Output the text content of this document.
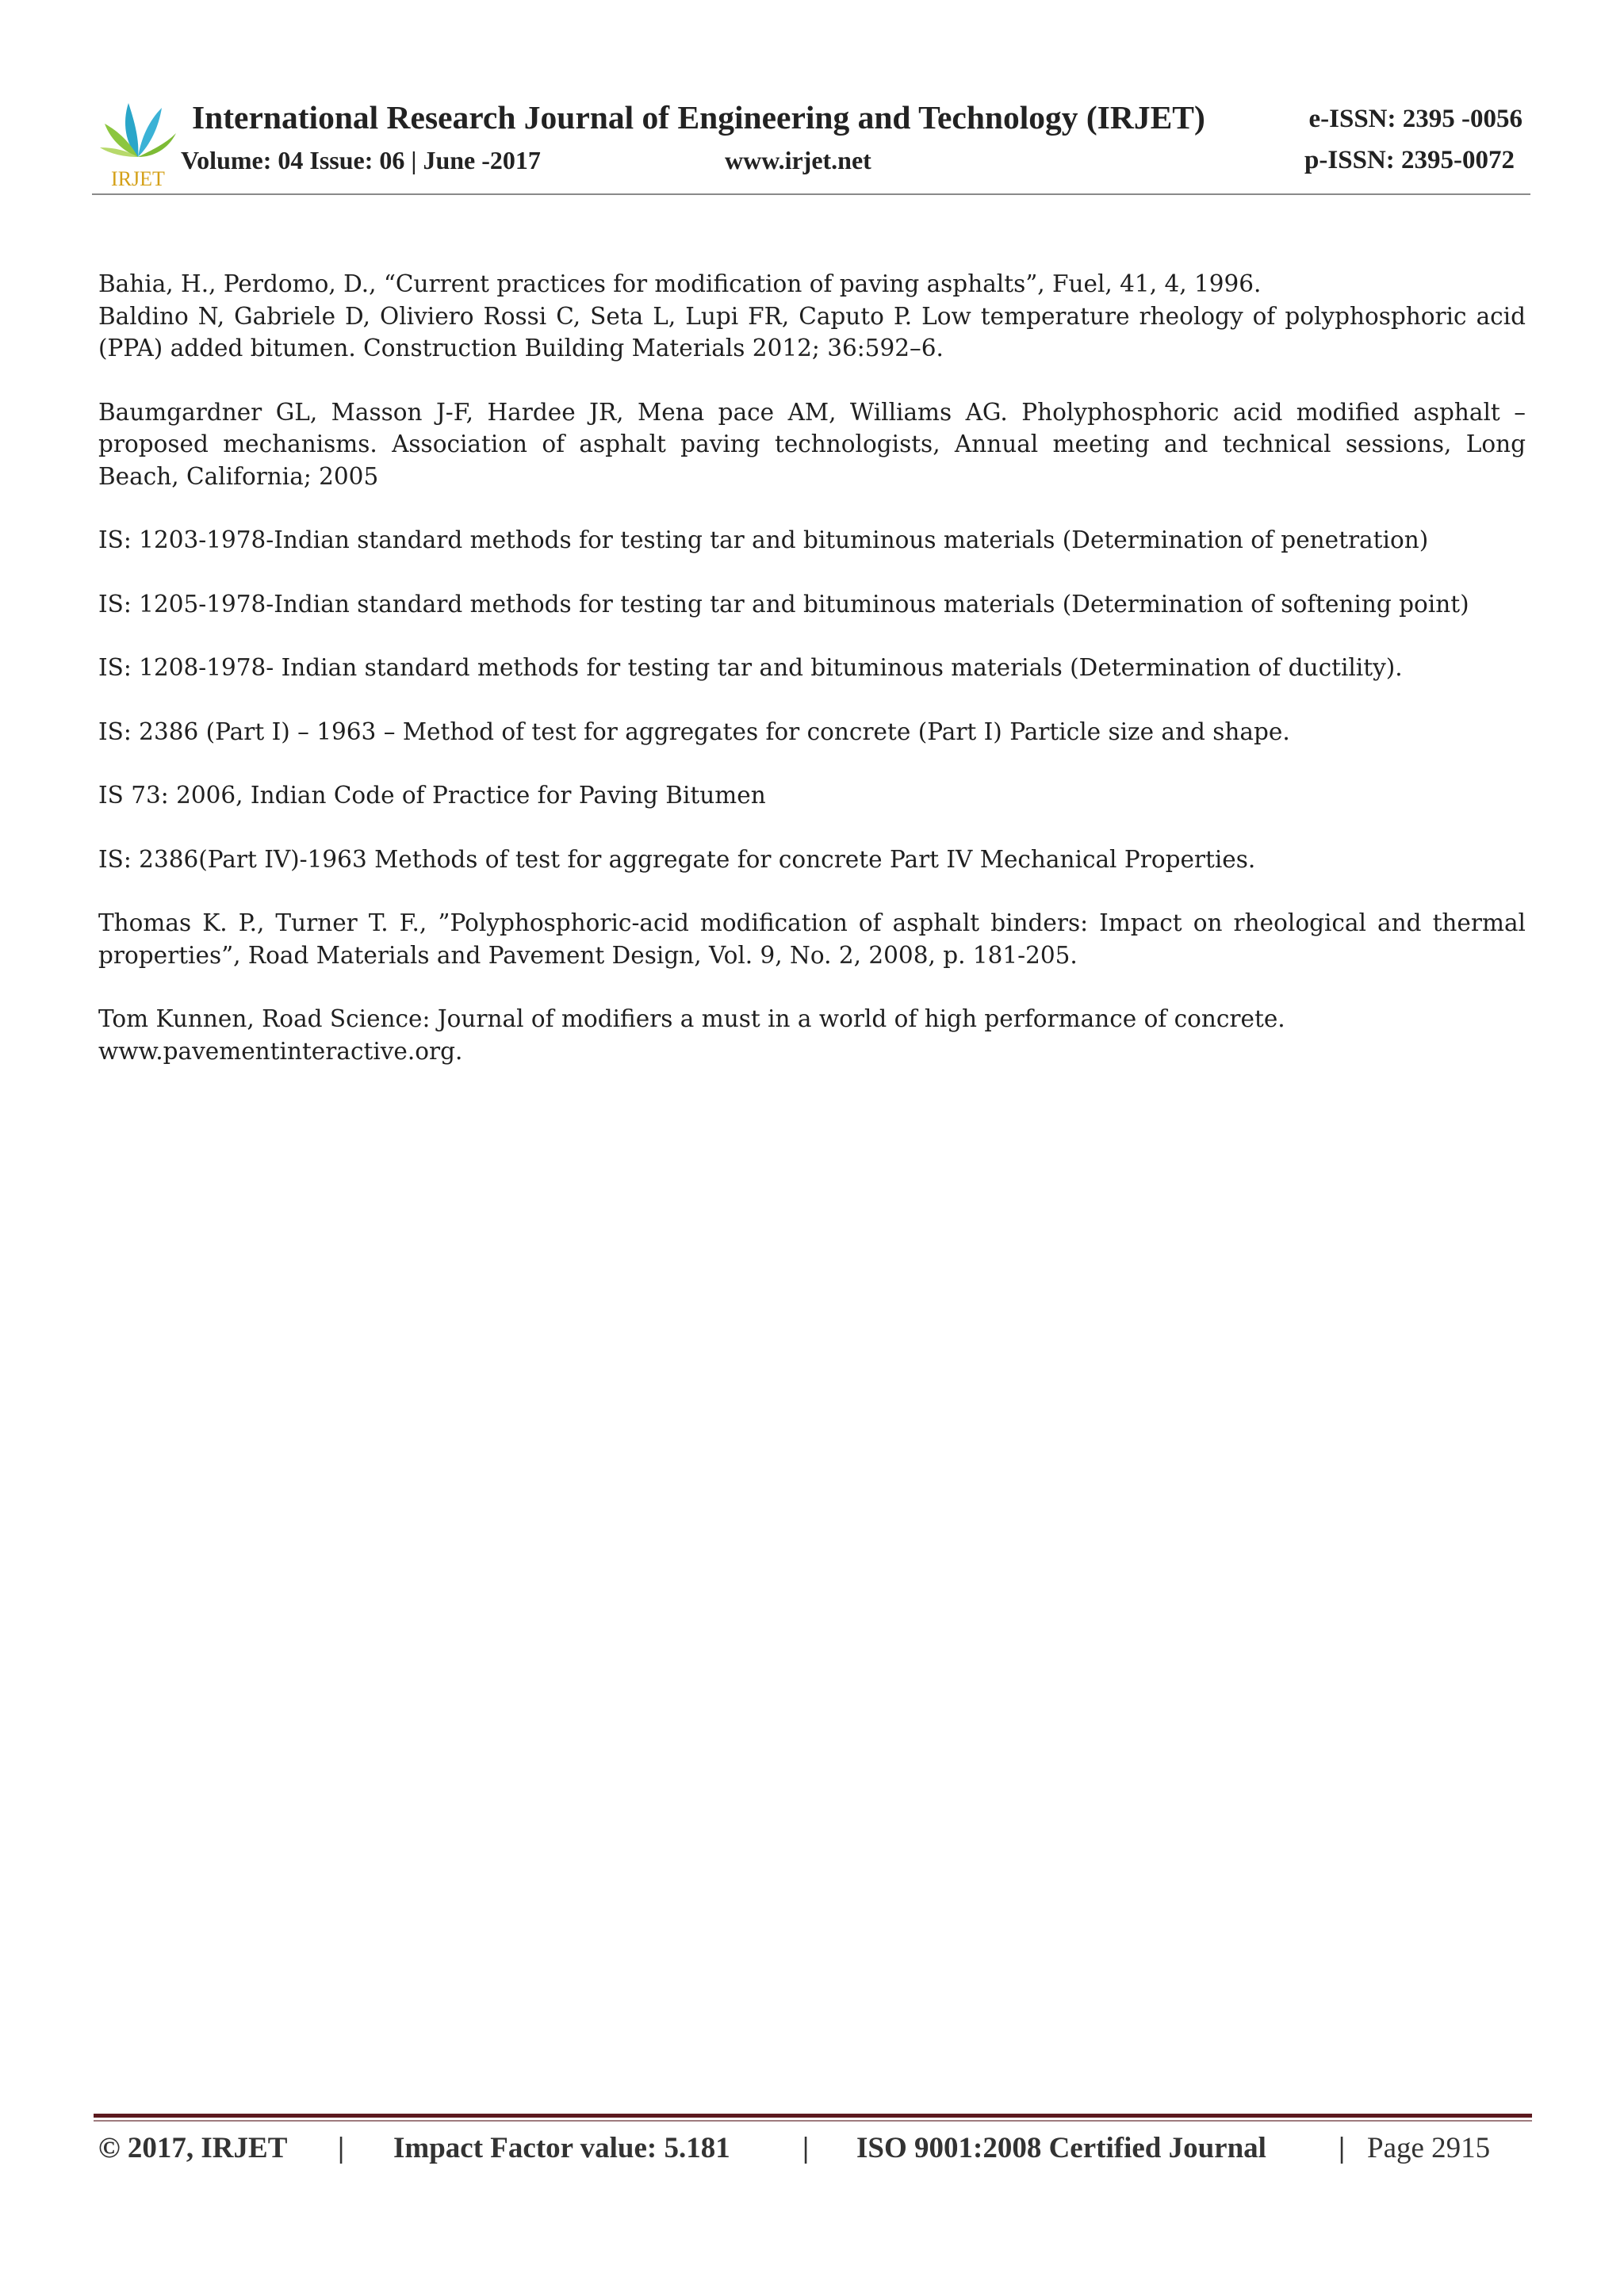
IRJET
International Research Journal of Engineering and Technology (IRJET)	e-ISSN: 2395 -0056
Volume: 04 Issue: 06 | June -2017	www.irjet.net	p-ISSN: 2395-0072

Bahia, H., Perdomo, D., “Current practices for modification of paving asphalts”, Fuel, 41, 4, 1996.

Baldino N, Gabriele D, Oliviero Rossi C, Seta L, Lupi FR, Caputo P. Low temperature rheology of polyphosphoric acid (PPA) added bitumen. Construction Building Materials 2012; 36:592–6.

Baumgardner GL, Masson J-F, Hardee JR, Mena pace AM, Williams AG. Pholyphosphoric acid modified asphalt – proposed mechanisms. Association of asphalt paving technologists, Annual meeting and technical sessions, Long Beach, California; 2005

IS: 1203-1978-Indian standard methods for testing tar and bituminous materials (Determination of penetration)

IS: 1205-1978-Indian standard methods for testing tar and bituminous materials (Determination of softening point)

IS: 1208-1978- Indian standard methods for testing tar and bituminous materials (Determination of ductility).

IS: 2386 (Part I) – 1963 – Method of test for aggregates for concrete (Part I) Particle size and shape.

IS 73: 2006, Indian Code of Practice for Paving Bitumen

IS: 2386(Part IV)-1963 Methods of test for aggregate for concrete Part IV Mechanical Properties.

Thomas K. P., Turner T. F., ”Polyphosphoric-acid modification of asphalt binders: Impact on rheological and thermal properties”, Road Materials and Pavement Design, Vol. 9, No. 2, 2008, p. 181-205.

Tom Kunnen, Road Science: Journal of modifiers a must in a world of high performance of concrete.

www.pavementinteractive.org.

© 2017, IRJET | Impact Factor value: 5.181 | ISO 9001:2008 Certified Journal | Page 2915
